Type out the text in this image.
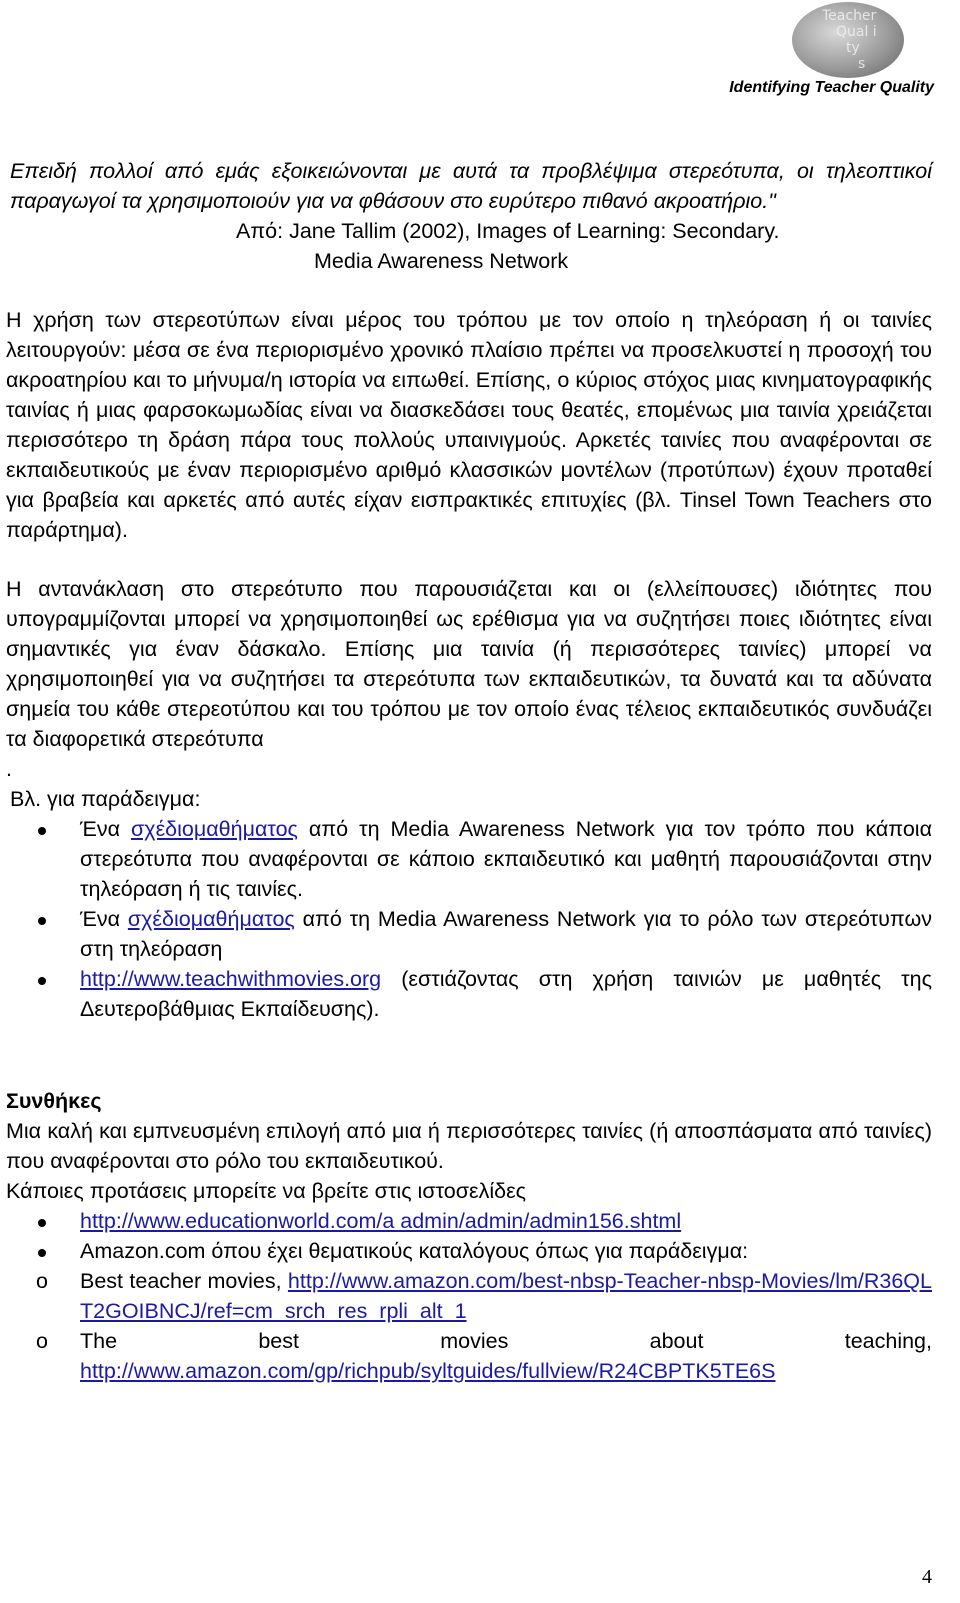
Teacher
Qual i
ty
s
Identifying Teacher Quality

Επειδή πολλοί από εμάς εξοικειώνονται με αυτά τα προβλέψιμα στερεότυπα, οι τηλεοπτικοί παραγωγοί τα χρησιμοποιούν για να φθάσουν στο ευρύτερο πιθανό ακροατήριο."

Από: Jane Tallim (2002), Images of Learning: Secondary.

Media Awareness Network

Η χρήση των στερεοτύπων είναι μέρος του τρόπου με τον οποίο η τηλεόραση ή οι ταινίες λειτουργούν: μέσα σε ένα περιορισμένο χρονικό πλαίσιο πρέπει να προσελκυστεί η προσοχή του ακροατηρίου και το μήνυμα/η ιστορία να ειπωθεί. Επίσης, ο κύριος στόχος μιας κινηματογραφικής ταινίας ή μιας φαρσοκωμωδίας είναι να διασκεδάσει τους θεατές, επομένως μια ταινία χρειάζεται περισσότερο τη δράση πάρα τους πολλούς υπαινιγμούς. Αρκετές ταινίες που αναφέρονται σε εκπαιδευτικούς με έναν περιορισμένο αριθμό κλασσικών μοντέλων (προτύπων) έχουν προταθεί για βραβεία και αρκετές από αυτές είχαν εισπρακτικές επιτυχίες (βλ. Tinsel Town Teachers στο παράρτημα).

Η αντανάκλαση στο στερεότυπο που παρουσιάζεται και οι (ελλείπουσες) ιδιότητες που υπογραμμίζονται μπορεί να χρησιμοποιηθεί ως ερέθισμα για να συζητήσει ποιες ιδιότητες είναι σημαντικές για έναν δάσκαλο. Επίσης μια ταινία (ή περισσότερες ταινίες) μπορεί να χρησιμοποιηθεί για να συζητήσει τα στερεότυπα των εκπαιδευτικών, τα δυνατά και τα αδύνατα σημεία του κάθε στερεοτύπου και του τρόπου με τον οποίο ένας τέλειος εκπαιδευτικός συνδυάζει τα διαφορετικά στερεότυπα

.

Βλ. για παράδειγμα:

Ένα σχέδιομαθήματος από τη Media Awareness Network για τον τρόπο που κάποια στερεότυπα που αναφέρονται σε κάποιο εκπαιδευτικό και μαθητή παρουσιάζονται στην τηλεόραση ή τις ταινίες.
Ένα σχέδιομαθήματος από τη Media Awareness Network για το ρόλο των στερεότυπων στη τηλεόραση
http://www.teachwithmovies.org (εστιάζοντας στη χρήση ταινιών με μαθητές της Δευτεροβάθμιας Εκπαίδευσης).

Συνθήκες

Μια καλή και εμπνευσμένη επιλογή από μια ή περισσότερες ταινίες (ή αποσπάσματα από ταινίες) που αναφέρονται στο ρόλο του εκπαιδευτικού.

Κάποιες προτάσεις μπορείτε να βρείτε στις ιστοσελίδες

http://www.educationworld.com/a admin/admin/admin156.shtml
Amazon.com όπου έχει θεματικούς καταλόγους όπως για παράδειγμα:
o Best teacher movies, http://www.amazon.com/best-nbsp-Teacher-nbsp-Movies/lm/R36QLT2GOIBNCJ/ref=cm_srch_res_rpli_alt_1
o The best movies about teaching,
http://www.amazon.com/gp/richpub/syltguides/fullview/R24CBPTK5TE6S
4
